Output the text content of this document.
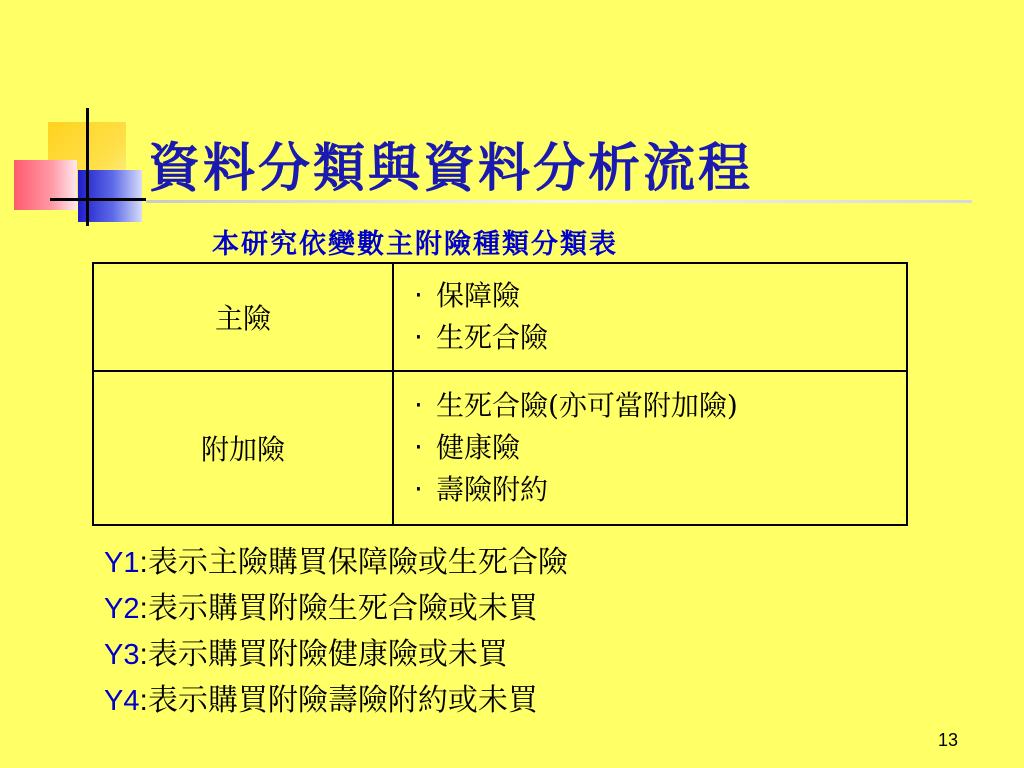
資料分類與資料分析流程
本研究依變數主附險種類分類表
主險	‧ 保障險
‧ 生死合險

附加險	‧ 生死合險(亦可當附加險)
‧ 健康險
‧ 壽險附約
Y1:表示主險購買保障險或生死合險
Y2:表示購買附險生死合險或未買
Y3:表示購買附險健康險或未買
Y4:表示購買附險壽險附約或未買
13
